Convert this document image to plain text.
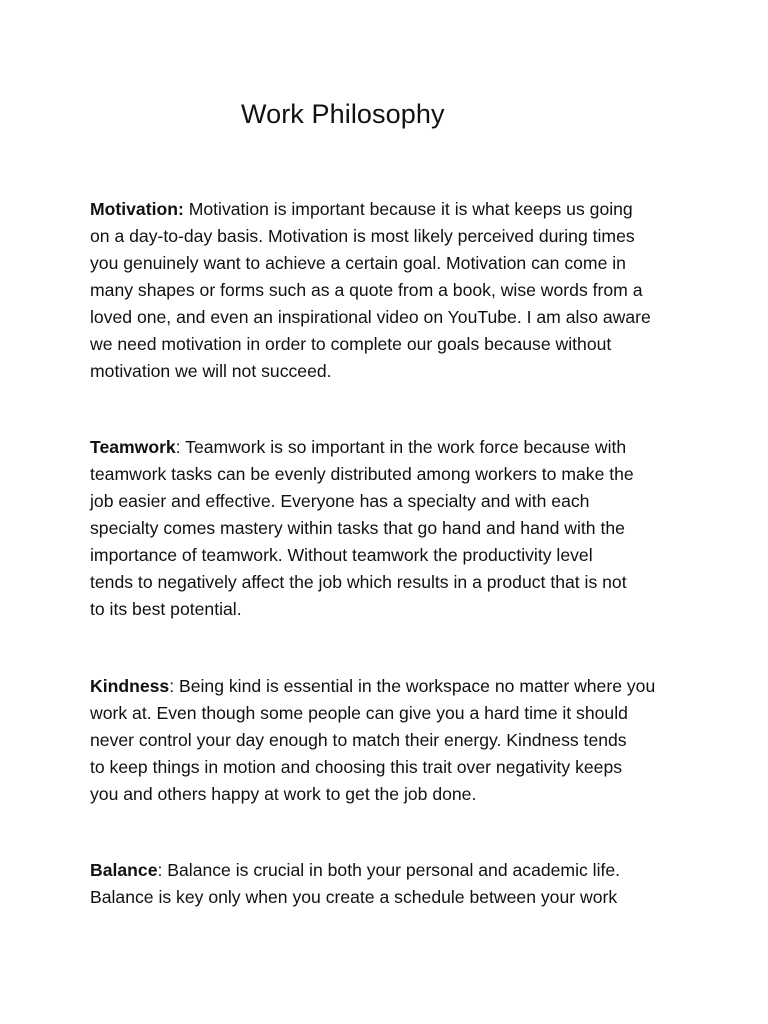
Work Philosophy

Motivation: Motivation is important because it is what keeps us going
on a day-to-day basis. Motivation is most likely perceived during times
you genuinely want to achieve a certain goal. Motivation can come in
many shapes or forms such as a quote from a book, wise words from a
loved one, and even an inspirational video on YouTube. I am also aware
we need motivation in order to complete our goals because without
motivation we will not succeed.

Teamwork: Teamwork is so important in the work force because with
teamwork tasks can be evenly distributed among workers to make the
job easier and effective. Everyone has a specialty and with each
specialty comes mastery within tasks that go hand and hand with the
importance of teamwork. Without teamwork the productivity level
tends to negatively affect the job which results in a product that is not
to its best potential.

Kindness: Being kind is essential in the workspace no matter where you
work at. Even though some people can give you a hard time it should
never control your day enough to match their energy. Kindness tends
to keep things in motion and choosing this trait over negativity keeps
you and others happy at work to get the job done.

Balance: Balance is crucial in both your personal and academic life.
Balance is key only when you create a schedule between your work
